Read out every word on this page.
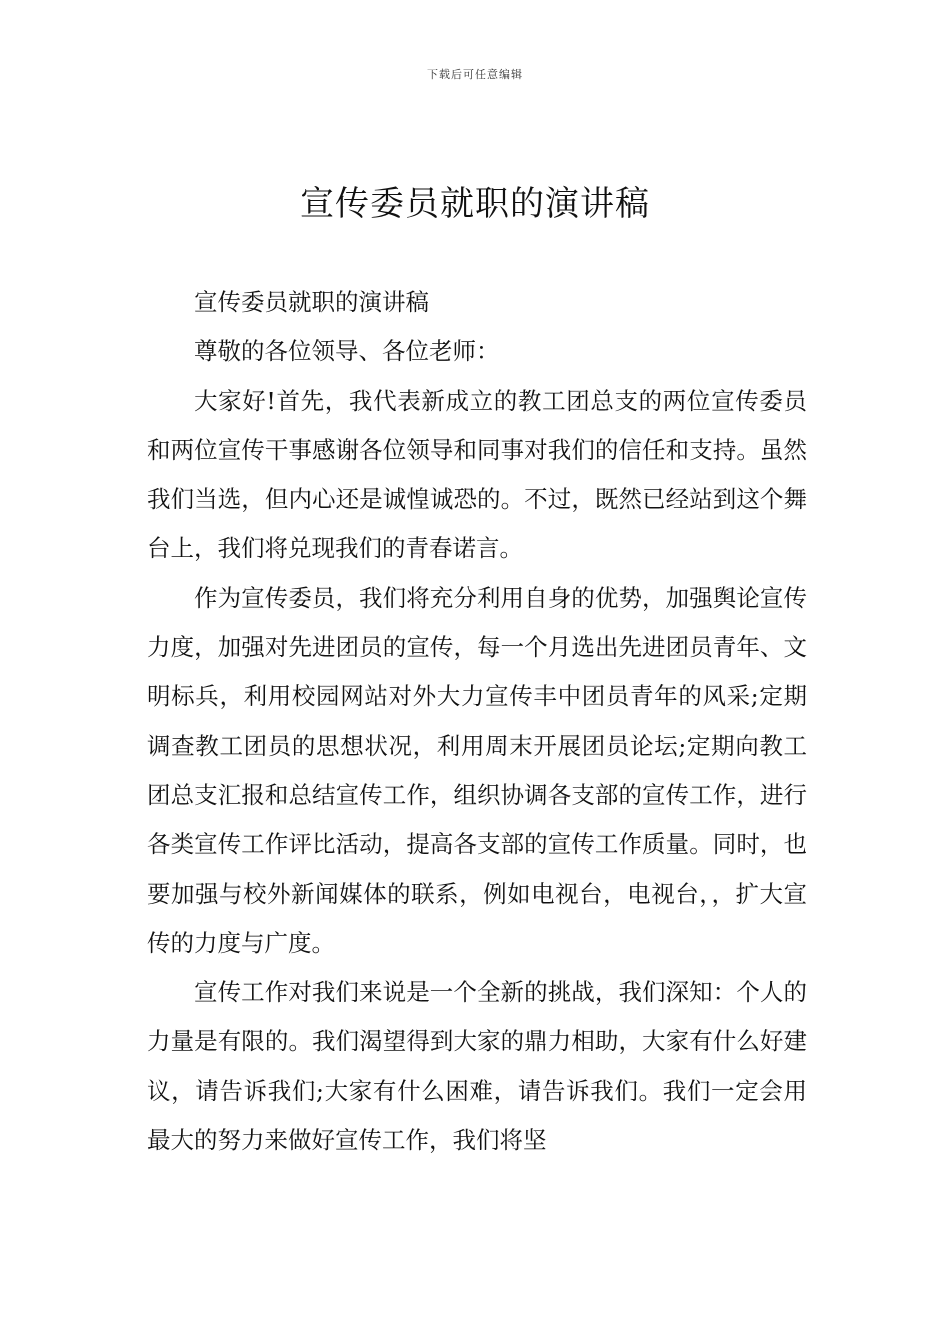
下载后可任意编辑
宣传委员就职的演讲稿

宣传委员就职的演讲稿

尊敬的各位领导、各位老师：

大家好!首先，我代表新成立的教工团总支的两位宣传委员和两位宣传干事感谢各位领导和同事对我们的信任和支持。虽然我们当选，但内心还是诚惶诚恐的。不过，既然已经站到这个舞台上，我们将兑现我们的青春诺言。

作为宣传委员，我们将充分利用自身的优势，加强舆论宣传力度，加强对先进团员的宣传，每一个月选出先进团员青年、文明标兵，利用校园网站对外大力宣传丰中团员青年的风采;定期调查教工团员的思想状况，利用周末开展团员论坛;定期向教工团总支汇报和总结宣传工作，组织协调各支部的宣传工作，进行各类宣传工作评比活动，提高各支部的宣传工作质量。同时，也要加强与校外新闻媒体的联系，例如电视台，电视台，，扩大宣传的力度与广度。

宣传工作对我们来说是一个全新的挑战，我们深知：个人的力量是有限的。我们渴望得到大家的鼎力相助，大家有什么好建议，请告诉我们;大家有什么困难，请告诉我们。我们一定会用最大的努力来做好宣传工作，我们将坚
